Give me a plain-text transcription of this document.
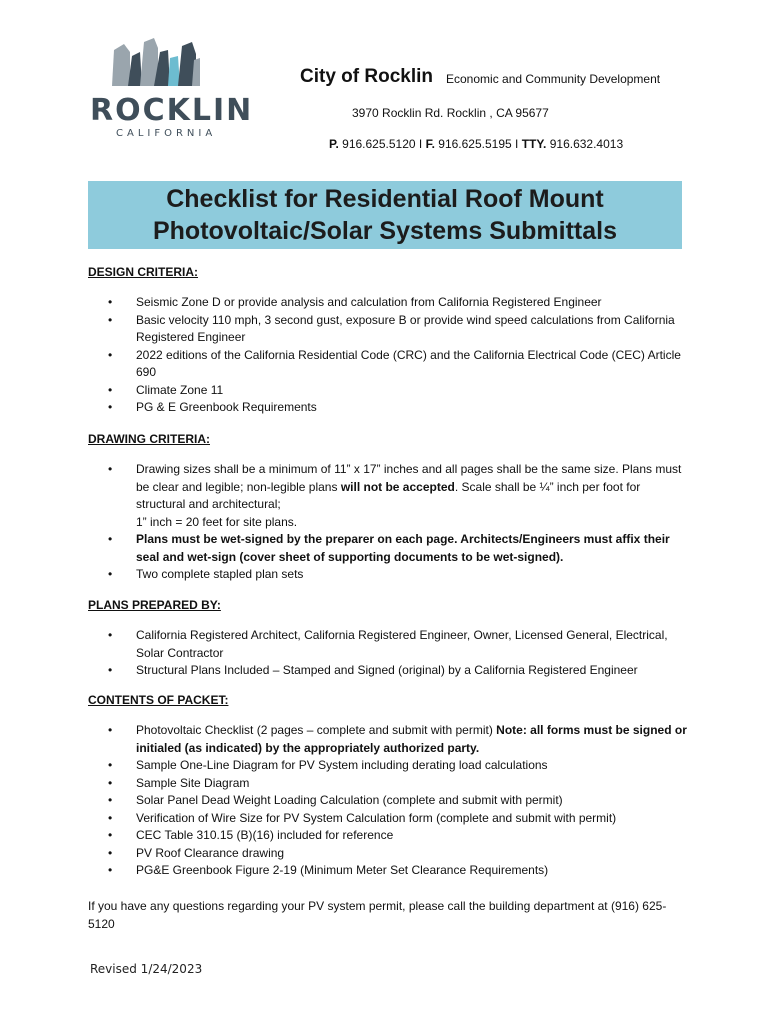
ROCKLIN
CALIFORNIA
City of Rocklin Economic and Community Development
3970 Rocklin Rd. Rocklin , CA 95677
P. 916.625.5120 I F. 916.625.5195 I TTY. 916.632.4013
Checklist for Residential Roof Mount
Photovoltaic/Solar Systems Submittals
DESIGN CRITERIA:
• Seismic Zone D or provide analysis and calculation from California Registered Engineer
• Basic velocity 110 mph, 3 second gust, exposure B or provide wind speed calculations from California Registered Engineer
• 2022 editions of the California Residential Code (CRC) and the California Electrical Code (CEC) Article 690
• Climate Zone 11
• PG & E Greenbook Requirements
DRAWING CRITERIA:
• Drawing sizes shall be a minimum of 11” x 17” inches and all pages shall be the same size. Plans must be clear and legible; non-legible plans will not be accepted. Scale shall be ¼” inch per foot for structural and architectural;
1” inch = 20 feet for site plans.
• Plans must be wet-signed by the preparer on each page. Architects/Engineers must affix their seal and wet-sign (cover sheet of supporting documents to be wet-signed).
• Two complete stapled plan sets
PLANS PREPARED BY:
• California Registered Architect, California Registered Engineer, Owner, Licensed General, Electrical, Solar Contractor
• Structural Plans Included – Stamped and Signed (original) by a California Registered Engineer
CONTENTS OF PACKET:
• Photovoltaic Checklist (2 pages – complete and submit with permit) Note: all forms must be signed or initialed (as indicated) by the appropriately authorized party.
• Sample One-Line Diagram for PV System including derating load calculations
• Sample Site Diagram
• Solar Panel Dead Weight Loading Calculation (complete and submit with permit)
• Verification of Wire Size for PV System Calculation form (complete and submit with permit)
• CEC Table 310.15 (B)(16) included for reference
• PV Roof Clearance drawing
• PG&E Greenbook Figure 2-19 (Minimum Meter Set Clearance Requirements)
If you have any questions regarding your PV system permit, please call the building department at (916) 625-5120
Revised 1/24/2023
